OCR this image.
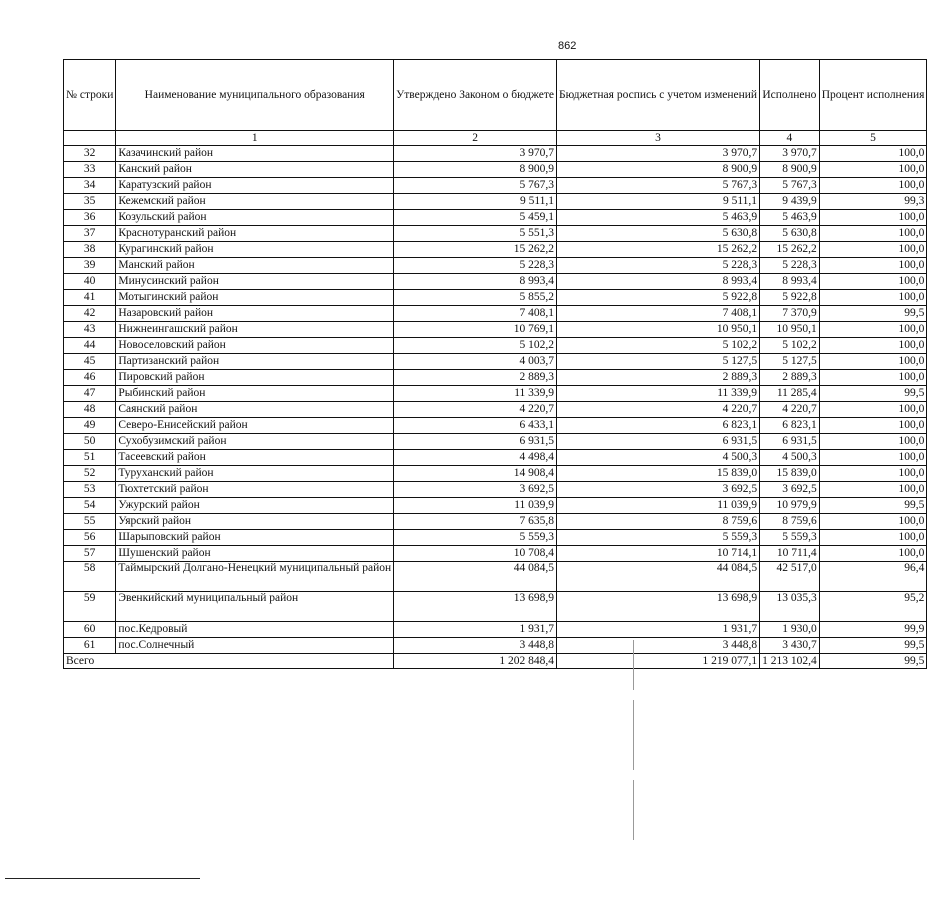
862
№ строки	Наименование муниципального образования	Утверждено Законом о бюджете	Бюджетная роспись с учетом изменений	Исполнено	Процент исполнения
	1	2	3	4	5
32	Казачинский район	3 970,7	3 970,7	3 970,7	100,0
33	Канский район	8 900,9	8 900,9	8 900,9	100,0
34	Каратузский район	5 767,3	5 767,3	5 767,3	100,0
35	Кежемский район	9 511,1	9 511,1	9 439,9	99,3
36	Козульский район	5 459,1	5 463,9	5 463,9	100,0
37	Краснотуранский район	5 551,3	5 630,8	5 630,8	100,0
38	Курагинский район	15 262,2	15 262,2	15 262,2	100,0
39	Манский район	5 228,3	5 228,3	5 228,3	100,0
40	Минусинский район	8 993,4	8 993,4	8 993,4	100,0
41	Мотыгинский район	5 855,2	5 922,8	5 922,8	100,0
42	Назаровский район	7 408,1	7 408,1	7 370,9	99,5
43	Нижнеингашский район	10 769,1	10 950,1	10 950,1	100,0
44	Новоселовский район	5 102,2	5 102,2	5 102,2	100,0
45	Партизанский район	4 003,7	5 127,5	5 127,5	100,0
46	Пировский район	2 889,3	2 889,3	2 889,3	100,0
47	Рыбинский район	11 339,9	11 339,9	11 285,4	99,5
48	Саянский район	4 220,7	4 220,7	4 220,7	100,0
49	Северо-Енисейский район	6 433,1	6 823,1	6 823,1	100,0
50	Сухобузимский район	6 931,5	6 931,5	6 931,5	100,0
51	Тасеевский район	4 498,4	4 500,3	4 500,3	100,0
52	Туруханский район	14 908,4	15 839,0	15 839,0	100,0
53	Тюхтетский район	3 692,5	3 692,5	3 692,5	100,0
54	Ужурский район	11 039,9	11 039,9	10 979,9	99,5
55	Уярский район	7 635,8	8 759,6	8 759,6	100,0
56	Шарыповский район	5 559,3	5 559,3	5 559,3	100,0
57	Шушенский район	10 708,4	10 714,1	10 711,4	100,0
58	Таймырский Долгано-Ненецкий муниципальный район	44 084,5	44 084,5	42 517,0	96,4
59	Эвенкийский муниципальный район	13 698,9	13 698,9	13 035,3	95,2
60	пос.Кедровый	1 931,7	1 931,7	1 930,0	99,9
61	пос.Солнечный	3 448,8	3 448,8	3 430,7	99,5
Всего		1 202 848,4	1 219 077,1	1 213 102,4	99,5
